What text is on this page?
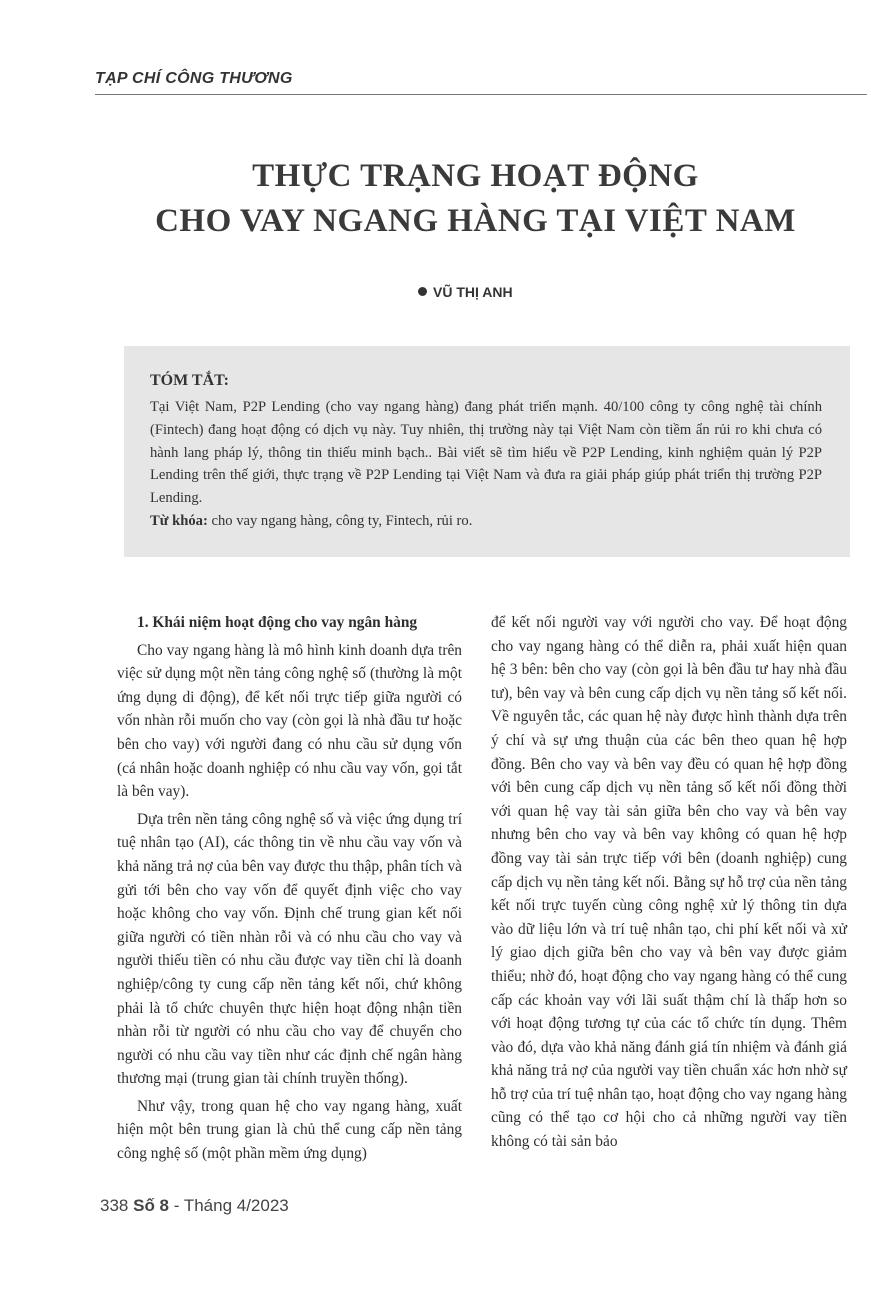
TẠP CHÍ CÔNG THƯƠNG
THỰC TRẠNG HOẠT ĐỘNG
CHO VAY NGANG HÀNG TẠI VIỆT NAM
VŨ THỊ ANH
TÓM TẮT:

Tại Việt Nam, P2P Lending (cho vay ngang hàng) đang phát triển mạnh. 40/100 công ty công nghệ tài chính (Fintech) đang hoạt động có dịch vụ này. Tuy nhiên, thị trường này tại Việt Nam còn tiềm ẩn rủi ro khi chưa có hành lang pháp lý, thông tin thiếu minh bạch.. Bài viết sẽ tìm hiểu về P2P Lending, kinh nghiệm quản lý P2P Lending trên thế giới, thực trạng về P2P Lending tại Việt Nam và đưa ra giải pháp giúp phát triển thị trường P2P Lending.

Từ khóa: cho vay ngang hàng, công ty, Fintech, rủi ro.

1. Khái niệm hoạt động cho vay ngân hàng

Cho vay ngang hàng là mô hình kinh doanh dựa trên việc sử dụng một nền tảng công nghệ số (thường là một ứng dụng di động), để kết nối trực tiếp giữa người có vốn nhàn rỗi muốn cho vay (còn gọi là nhà đầu tư hoặc bên cho vay) với người đang có nhu cầu sử dụng vốn (cá nhân hoặc doanh nghiệp có nhu cầu vay vốn, gọi tắt là bên vay).

Dựa trên nền tảng công nghệ số và việc ứng dụng trí tuệ nhân tạo (AI), các thông tin về nhu cầu vay vốn và khả năng trả nợ của bên vay được thu thập, phân tích và gửi tới bên cho vay vốn để quyết định việc cho vay hoặc không cho vay vốn. Định chế trung gian kết nối giữa người có tiền nhàn rỗi và có nhu cầu cho vay và người thiếu tiền có nhu cầu được vay tiền chỉ là doanh nghiệp/công ty cung cấp nền tảng kết nối, chứ không phải là tổ chức chuyên thực hiện hoạt động nhận tiền nhàn rỗi từ người có nhu cầu cho vay để chuyển cho người có nhu cầu vay tiền như các định chế ngân hàng thương mại (trung gian tài chính truyền thống).

Như vậy, trong quan hệ cho vay ngang hàng, xuất hiện một bên trung gian là chủ thể cung cấp nền tảng công nghệ số (một phần mềm ứng dụng)

để kết nối người vay với người cho vay. Để hoạt động cho vay ngang hàng có thể diễn ra, phải xuất hiện quan hệ 3 bên: bên cho vay (còn gọi là bên đầu tư hay nhà đầu tư), bên vay và bên cung cấp dịch vụ nền tảng số kết nối. Về nguyên tắc, các quan hệ này được hình thành dựa trên ý chí và sự ưng thuận của các bên theo quan hệ hợp đồng. Bên cho vay và bên vay đều có quan hệ hợp đồng với bên cung cấp dịch vụ nền tảng số kết nối đồng thời với quan hệ vay tài sản giữa bên cho vay và bên vay nhưng bên cho vay và bên vay không có quan hệ hợp đồng vay tài sản trực tiếp với bên (doanh nghiệp) cung cấp dịch vụ nền tảng kết nối. Bằng sự hỗ trợ của nền tảng kết nối trực tuyến cùng công nghệ xử lý thông tin dựa vào dữ liệu lớn và trí tuệ nhân tạo, chi phí kết nối và xử lý giao dịch giữa bên cho vay và bên vay được giảm thiểu; nhờ đó, hoạt động cho vay ngang hàng có thể cung cấp các khoản vay với lãi suất thậm chí là thấp hơn so với hoạt động tương tự của các tổ chức tín dụng. Thêm vào đó, dựa vào khả năng đánh giá tín nhiệm và đánh giá khả năng trả nợ của người vay tiền chuẩn xác hơn nhờ sự hỗ trợ của trí tuệ nhân tạo, hoạt động cho vay ngang hàng cũng có thể tạo cơ hội cho cả những người vay tiền không có tài sản bảo

338 Số 8 - Tháng 4/2023
